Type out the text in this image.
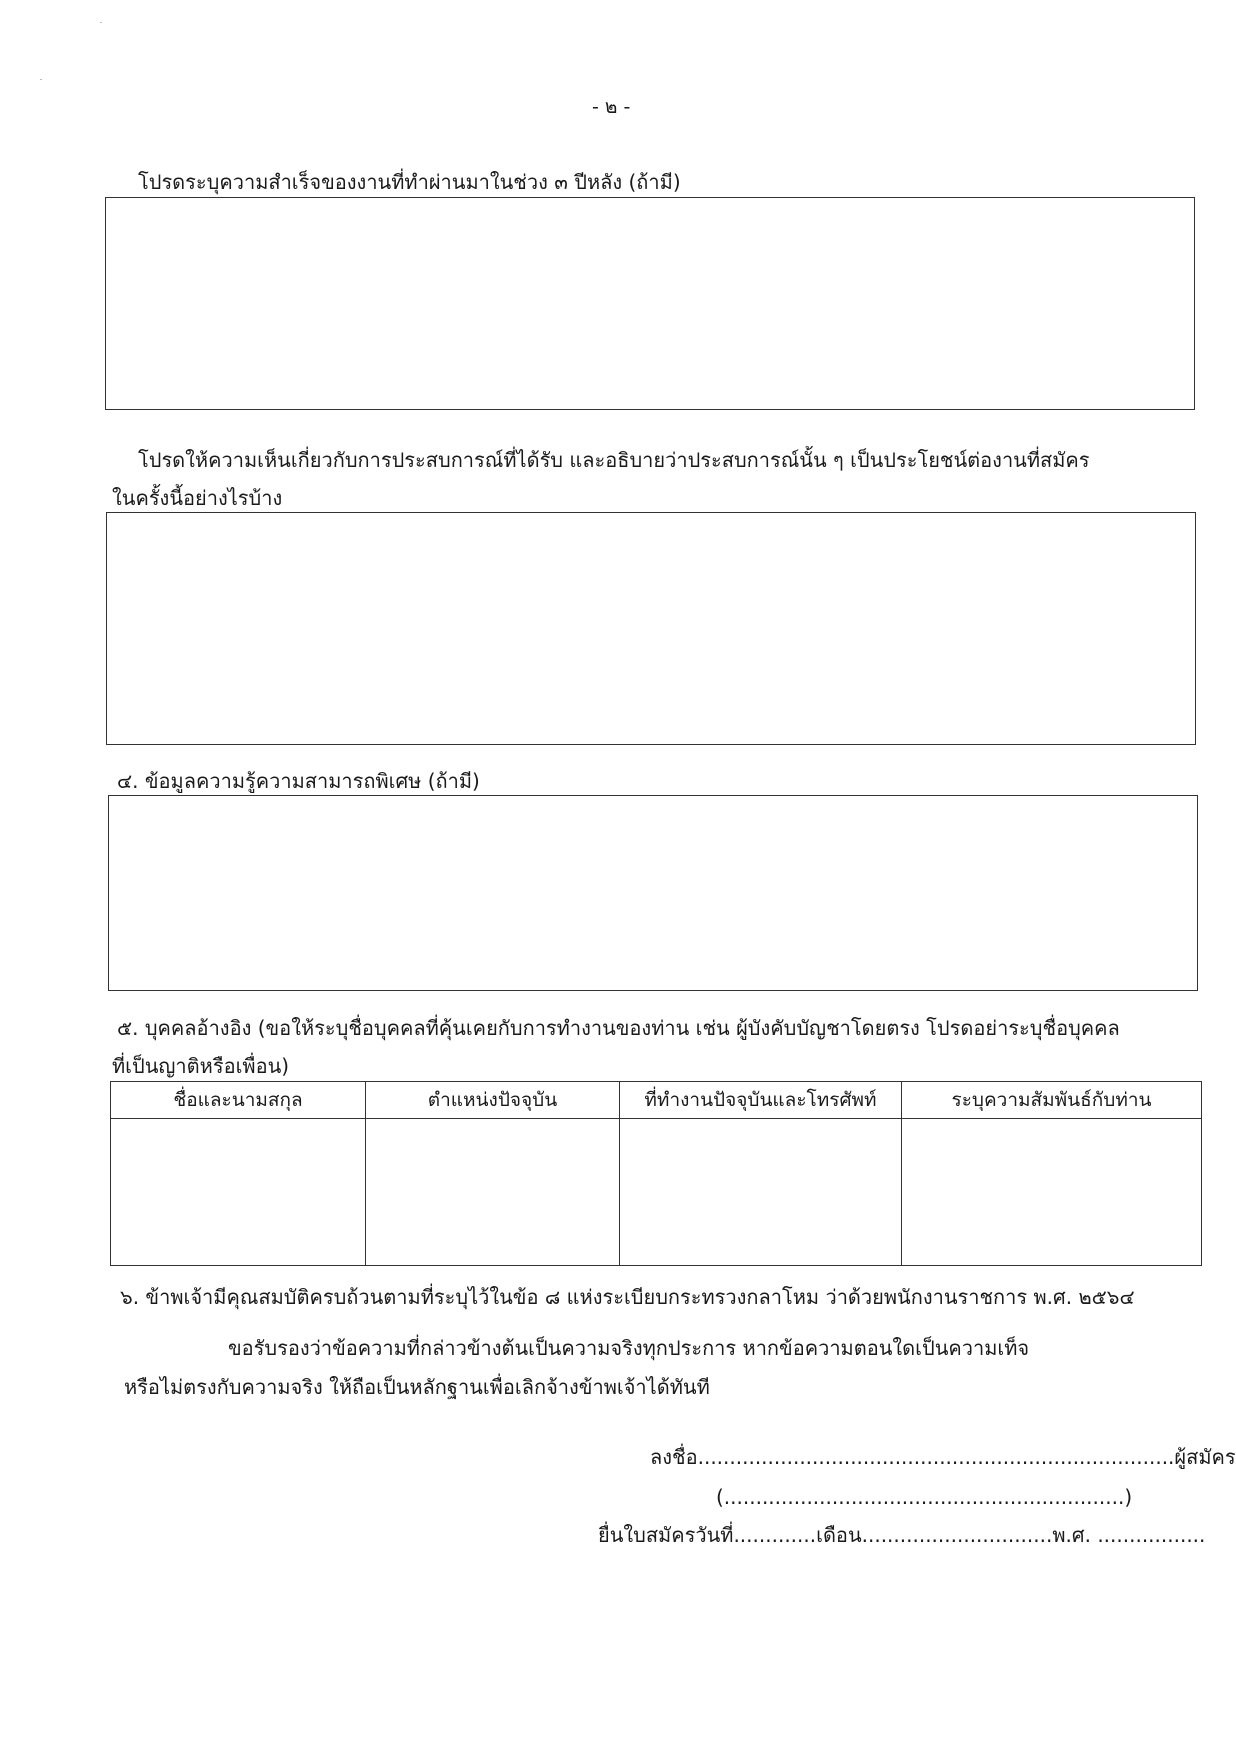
- ๒ -
โปรดระบุความสำเร็จของงานที่ทำผ่านมาในช่วง ๓ ปีหลัง (ถ้ามี)
โปรดให้ความเห็นเกี่ยวกับการประสบการณ์ที่ได้รับ และอธิบายว่าประสบการณ์นั้น ๆ เป็นประโยชน์ต่องานที่สมัคร
ในครั้งนี้อย่างไรบ้าง
๔. ข้อมูลความรู้ความสามารถพิเศษ (ถ้ามี)
๕. บุคคลอ้างอิง (ขอให้ระบุชื่อบุคคลที่คุ้นเคยกับการทำงานของท่าน เช่น ผู้บังคับบัญชาโดยตรง โปรดอย่าระบุชื่อบุคคล
ที่เป็นญาติหรือเพื่อน)
ชื่อและนามสกุล	ตำแหน่งปัจจุบัน	ที่ทำงานปัจจุบันและโทรศัพท์	ระบุความสัมพันธ์กับท่าน

๖. ข้าพเจ้ามีคุณสมบัติครบถ้วนตามที่ระบุไว้ในข้อ ๘ แห่งระเบียบกระทรวงกลาโหม ว่าด้วยพนักงานราชการ พ.ศ. ๒๕๖๔
ขอรับรองว่าข้อความที่กล่าวข้างต้นเป็นความจริงทุกประการ หากข้อความตอนใดเป็นความเท็จ
หรือไม่ตรงกับความจริง ให้ถือเป็นหลักฐานเพื่อเลิกจ้างข้าพเจ้าได้ทันที
ลงชื่อ...........................................................................ผู้สมัคร
(...............................................................)
ยื่นใบสมัครวันที่.............เดือน..............................พ.ศ. .................
